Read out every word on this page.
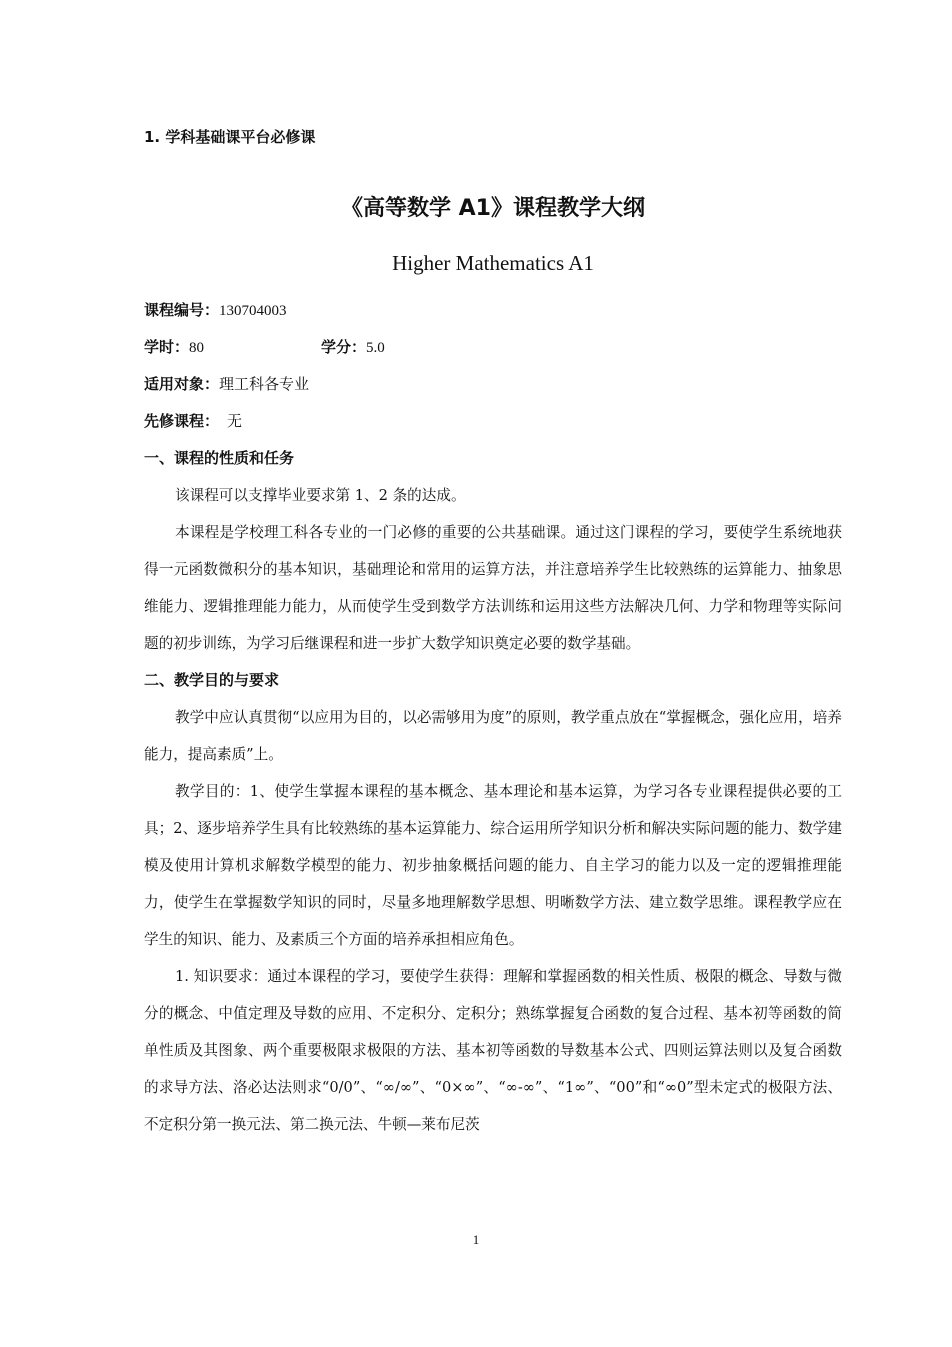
1. 学科基础课平台必修课
《高等数学 A1》课程教学大纲
Higher Mathematics A1
课程编号：130704003
学时：80	学分：5.0
适用对象：理工科各专业
先修课程： 无
一、课程的性质和任务

该课程可以支撑毕业要求第 1、2 条的达成。

本课程是学校理工科各专业的一门必修的重要的公共基础课。通过这门课程的学习，要使学生系统地获得一元函数微积分的基本知识，基础理论和常用的运算方法，并注意培养学生比较熟练的运算能力、抽象思维能力、逻辑推理能力能力，从而使学生受到数学方法训练和运用这些方法解决几何、力学和物理等实际问题的初步训练，为学习后继课程和进一步扩大数学知识奠定必要的数学基础。

二、教学目的与要求

教学中应认真贯彻“以应用为目的，以必需够用为度”的原则，教学重点放在“掌握概念，强化应用，培养能力，提高素质”上。

教学目的：1、使学生掌握本课程的基本概念、基本理论和基本运算，为学习各专业课程提供必要的工具；2、逐步培养学生具有比较熟练的基本运算能力、综合运用所学知识分析和解决实际问题的能力、数学建模及使用计算机求解数学模型的能力、初步抽象概括问题的能力、自主学习的能力以及一定的逻辑推理能力，使学生在掌握数学知识的同时，尽量多地理解数学思想、明晰数学方法、建立数学思维。课程教学应在学生的知识、能力、及素质三个方面的培养承担相应角色。

1. 知识要求：通过本课程的学习，要使学生获得：理解和掌握函数的相关性质、极限的概念、导数与微分的概念、中值定理及导数的应用、不定积分、定积分；熟练掌握复合函数的复合过程、基本初等函数的简单性质及其图象、两个重要极限求极限的方法、基本初等函数的导数基本公式、四则运算法则以及复合函数的求导方法、洛必达法则求“0/0”、“∞/∞”、“0×∞”、“∞-∞”、“1∞”、“00”和“∞0”型未定式的极限方法、不定积分第一换元法、第二换元法、牛顿—莱布尼茨

1
